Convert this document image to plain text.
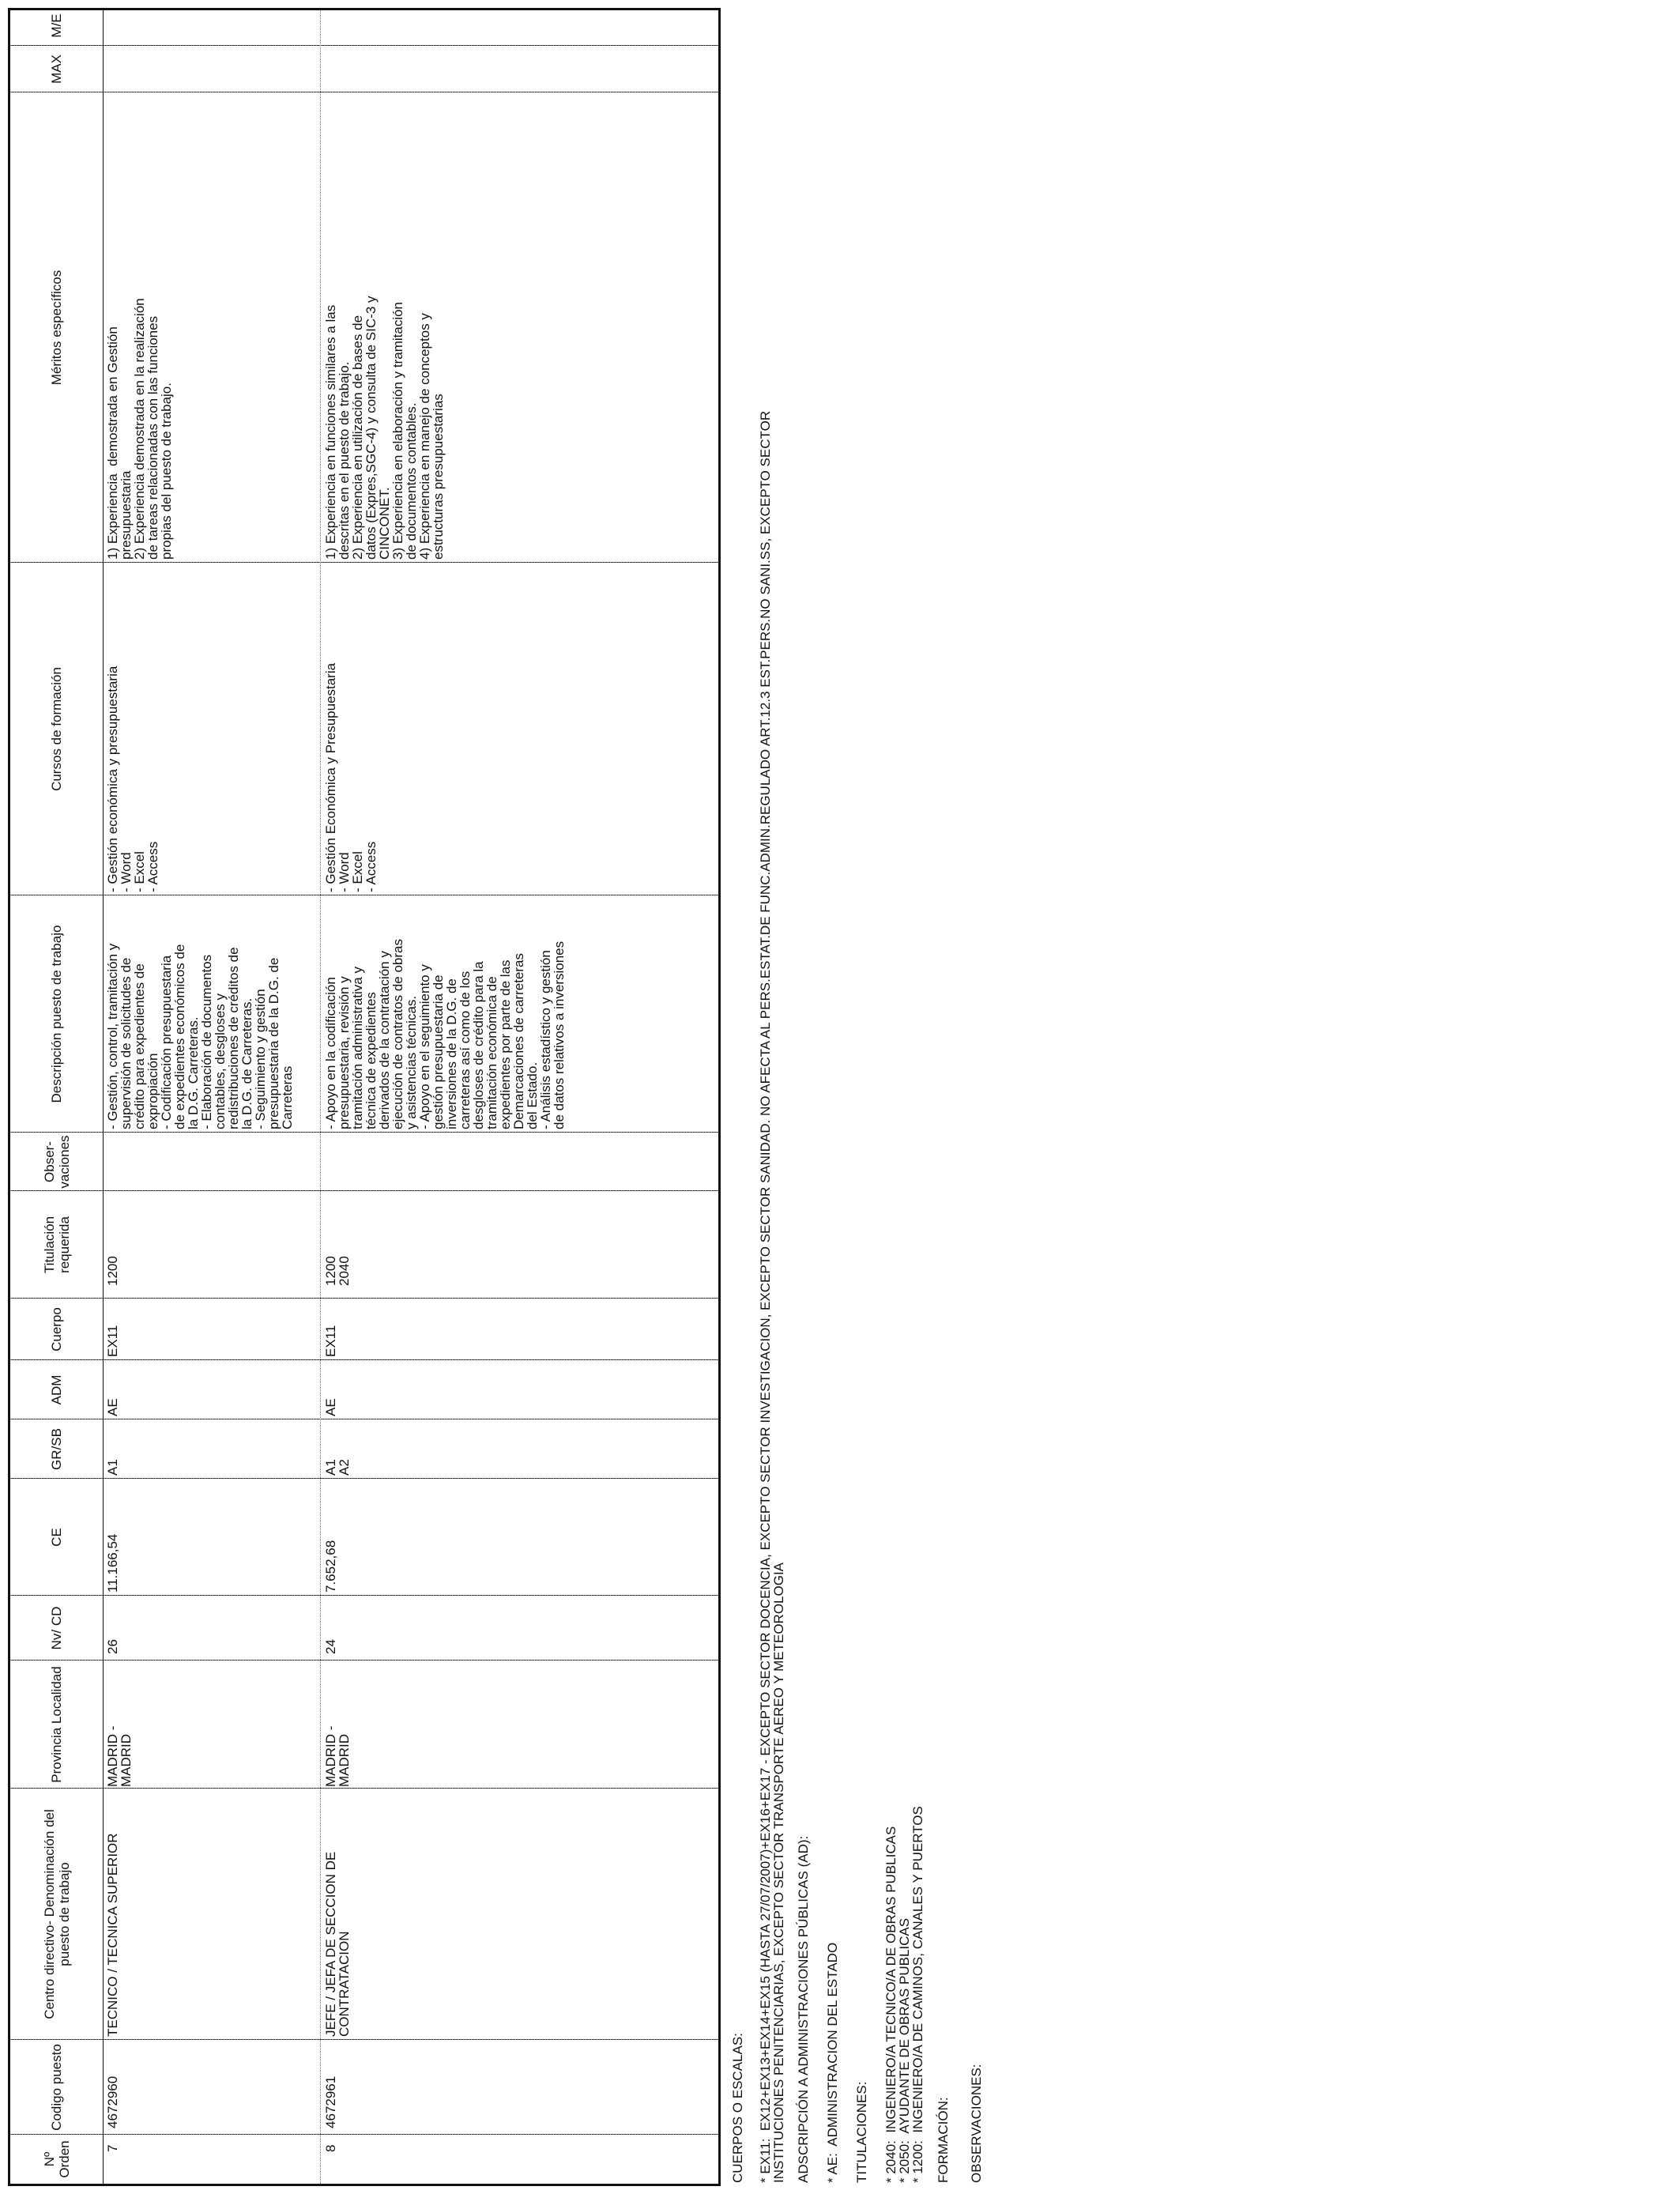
Nº Orden
Codigo puesto
Centro directivo- Denominación del puesto de trabajo
Provincia Localidad
Nv/ CD
CE
GR/SB
ADM
Cuerpo
Titulación requerida
Obser- vaciones
Descripción puesto de trabajo
Cursos de formación
Méritos específicos
MAX
M/E
7
4672960
TECNICO / TECNICA SUPERIOR
MADRID -
MADRID
26
11.166,54
A1
AE
EX11
1200
- Gestión, control, tramitación y
supervisión de solicitudes de
crédito para expedientes de
expropiación
- Codificación presupuestaria
de expedientes económicos de
la D.G. Carreteras.
- Elaboración de documentos
contables, desgloses y
redistribuciones de créditos de
la D.G. de Carreteras.
- Seguimiento y gestión
presupuestaria de la D.G. de
Carreteras
- Gestión económica y presupuestaria
- Word
- Excel
- Access
1) Experiencia  demostrada en Gestión
presupuestaria
2) Experiencia demostrada en la realización
de tareas relacionadas con las funciones
propias del puesto de trabajo.
8
4672961
JEFE / JEFA DE SECCION DE
CONTRATACION
MADRID -
MADRID
24
7.652,68
A1
A2
AE
EX11
1200
2040
- Apoyo en la codificación
presupuestaria, revisión y
tramitación administrativa y
técnica de expedientes
derivados de la contratación y
ejecución de contratos de obras
y asistencias técnicas.
- Apoyo en el seguimiento y
gestión presupuestaria de
inversiones de la D.G. de
carreteras así como de los
desgloses de crédito para la
tramitación económica de
expedientes por parte de las
Demarcaciones de carreteras
del Estado.
- Análisis estadístico y gestión
de datos relativos a inversiones
- Gestión Económica y Presupuestaria
- Word
- Excel
- Access
1) Experiencia en funciones similares a las
descritas en el puesto de trabajo.
2) Experiencia en utilización de bases de
datos (Expres,SGC-4) y consulta de SIC-3 y
CINCONET.
3) Experiencia en elaboración y tramitación
de documentos contables.
4) Experiencia en manejo de conceptos y
estructuras presupuestarias

CUERPOS O ESCALAS: * EX11:  EX12+EX13+EX14+EX15 (HASTA 27/07/2007)+EX16+EX17 - EXCEPTO SECTOR DOCENCIA, EXCEPTO SECTOR INVESTIGACION, EXCEPTO SECTOR SANIDAD. NO AFECTA AL PERS.ESTAT.DE FUNC.ADMIN.REGULADO ART.12.3 EST.PERS.NO SANI.SS, EXCEPTO SECTOR
INSTITUCIONES PENITENCIARIAS, EXCEPTO SECTOR TRANSPORTE AEREO Y METEOROLOGIA

ADSCRIPCIÓN A ADMINISTRACIONES PÚBLICAS (AD): * AE:  ADMINISTRACION DEL ESTADO TITULACIONES: * 2040:  INGENIERO/A TECNICO/A DE OBRAS PUBLICAS
* 2050:  AYUDANTE DE OBRAS PUBLICAS
* 1200:  INGENIERO/A DE CAMINOS, CANALES Y PUERTOS

FORMACIÓN: OBSERVACIONES:
